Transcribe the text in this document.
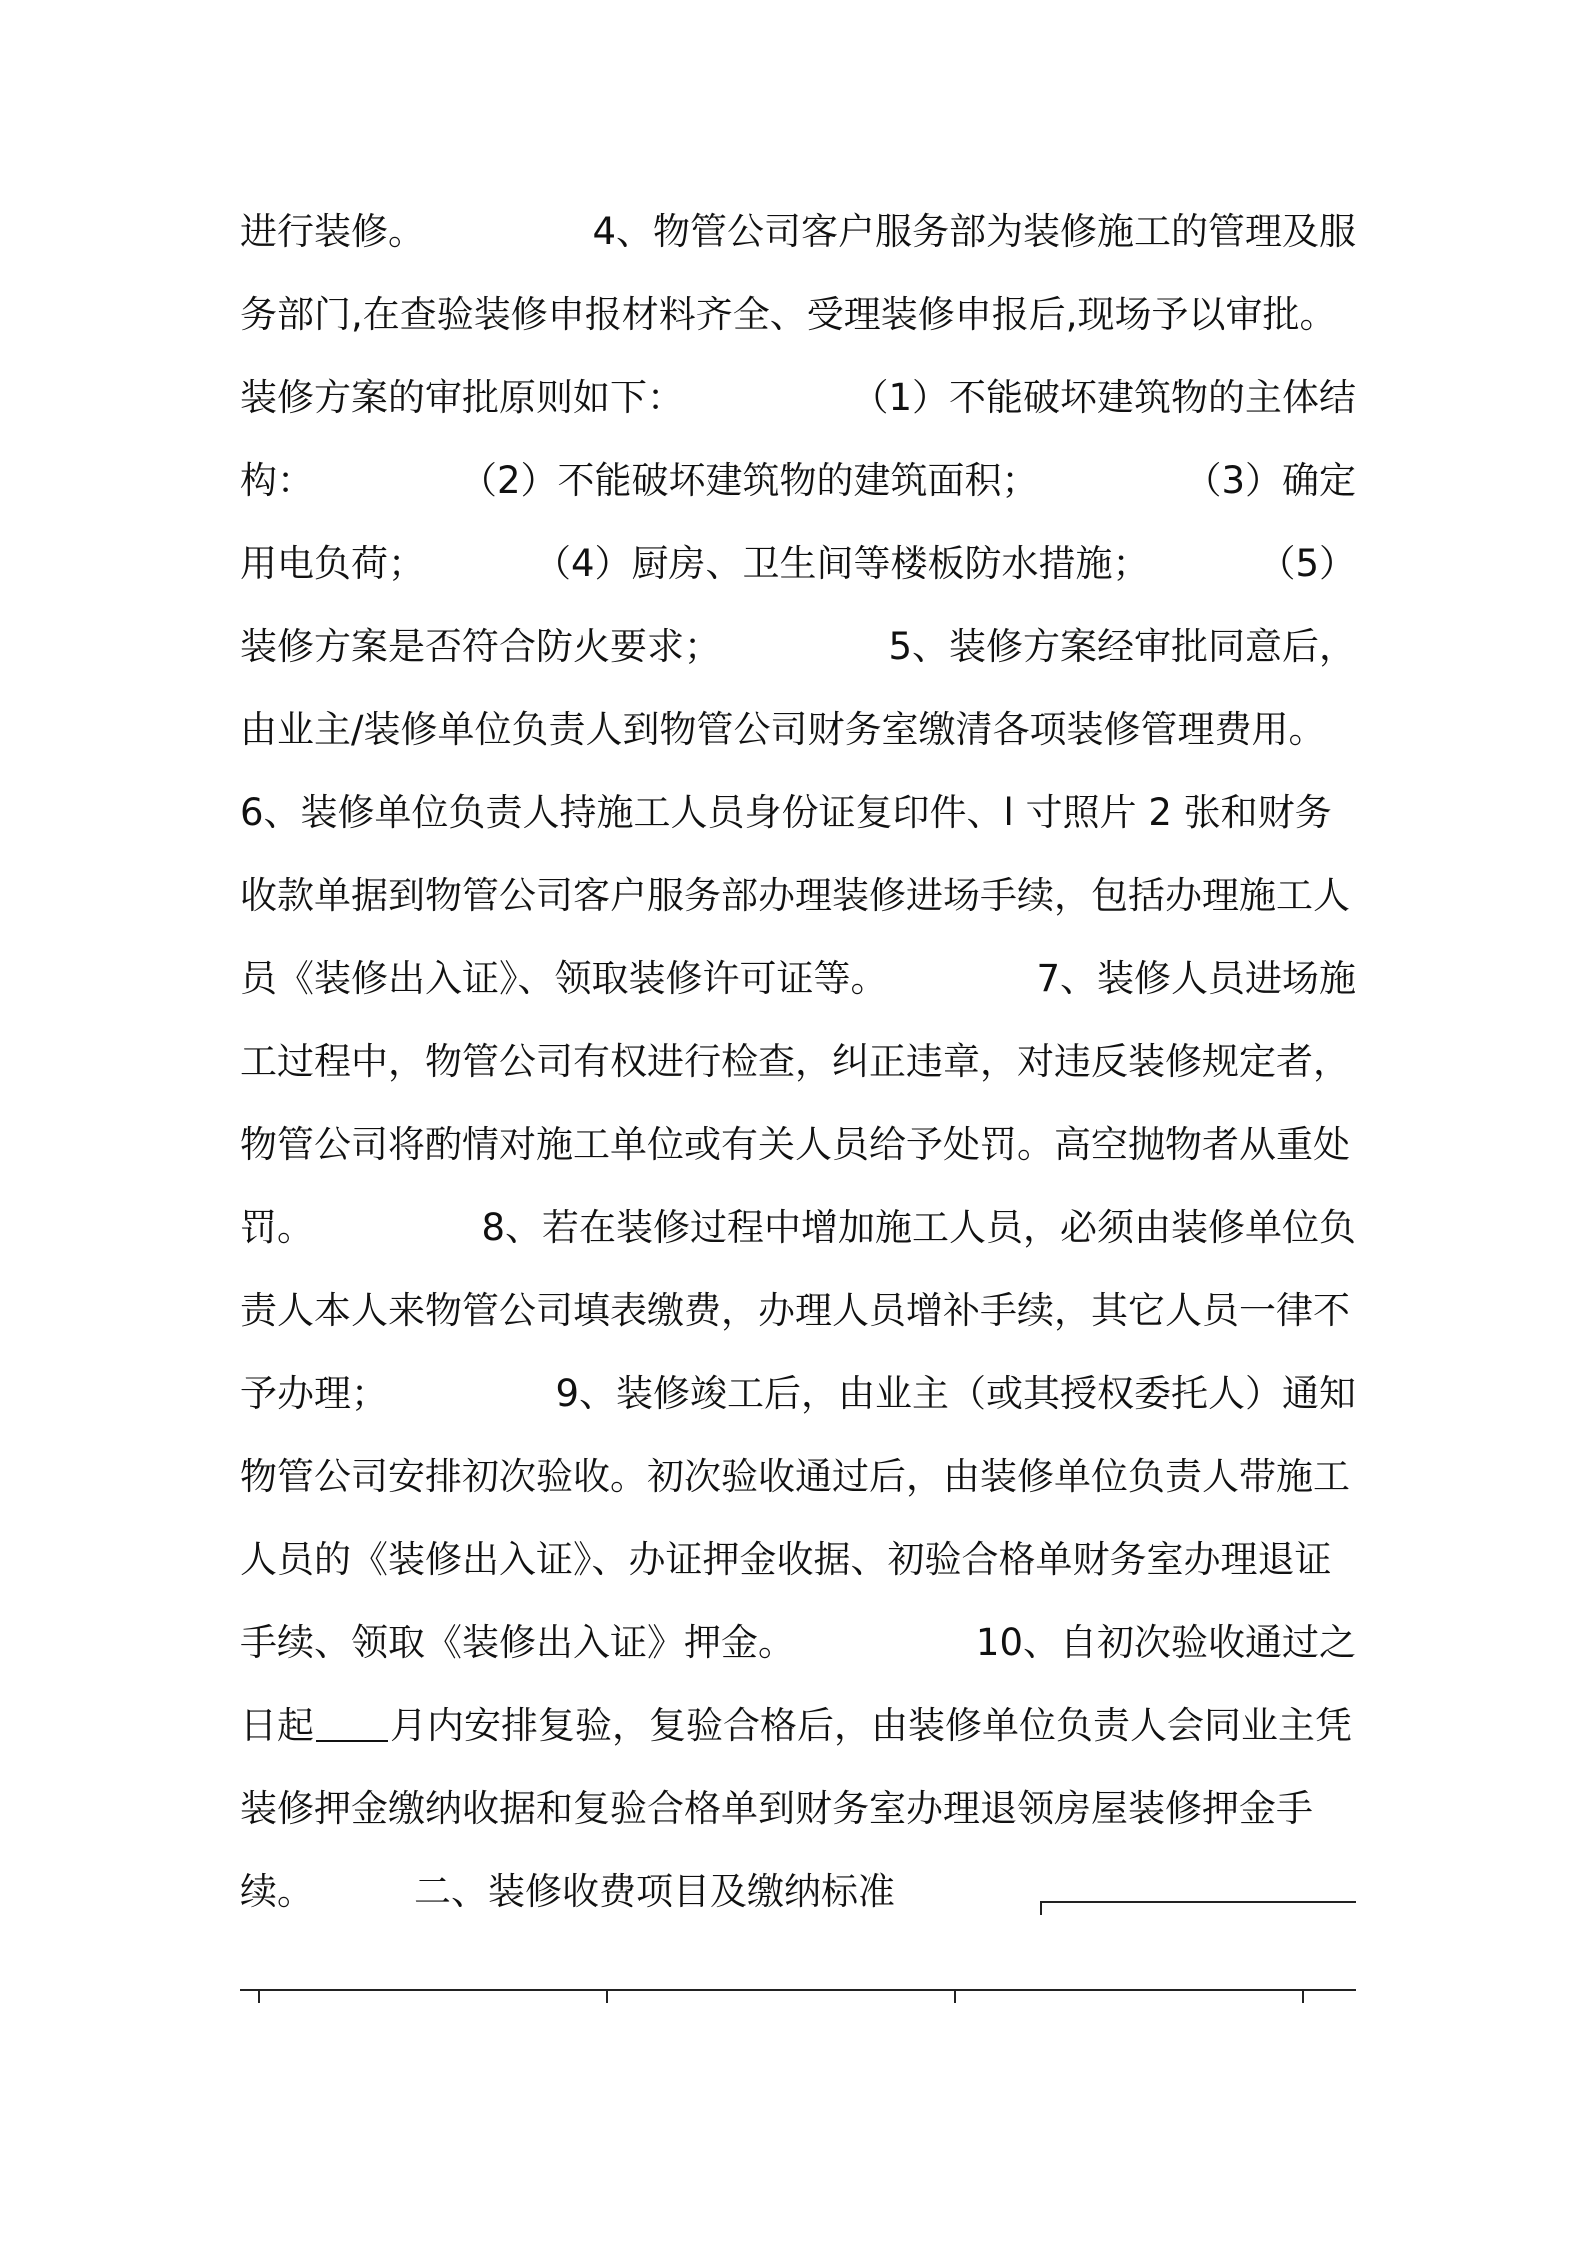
进行装修。	4、物管公司客户服务部为装修施工的管理及服
务部门,在查验装修申报材料齐全、受理装修申报后,现场予以审批。
装修方案的审批原则如下：	（1）不能破坏建筑物的主体结
构：	（2）不能破坏建筑物的建筑面积；	（3）确定
用电负荷；	（4）厨房、卫生间等楼板防水措施；	（5）
装修方案是否符合防火要求；	5、装修方案经审批同意后，
由业主/装修单位负责人到物管公司财务室缴清各项装修管理费用。
6、装修单位负责人持施工人员身份证复印件、l 寸照片 2 张和财务
收款单据到物管公司客户服务部办理装修进场手续，包括办理施工人
员《装修出入证》、领取装修许可证等。	7、装修人员进场施
工过程中，物管公司有权进行检查，纠正违章，对违反装修规定者，
物管公司将酌情对施工单位或有关人员给予处罚。高空抛物者从重处
罚。	8、若在装修过程中增加施工人员，必须由装修单位负
责人本人来物管公司填表缴费，办理人员增补手续，其它人员一律不
予办理；	9、装修竣工后，由业主（或其授权委托人）通知
物管公司安排初次验收。初次验收通过后，由装修单位负责人带施工
人员的《装修出入证》、办证押金收据、初验合格单财务室办理退证
手续、领取《装修出入证》押金。	10、自初次验收通过之
日起 月内安排复验，复验合格后，由装修单位负责人会同业主凭
装修押金缴纳收据和复验合格单到财务室办理退领房屋装修押金手
续。	二、装修收费项目及缴纳标准
